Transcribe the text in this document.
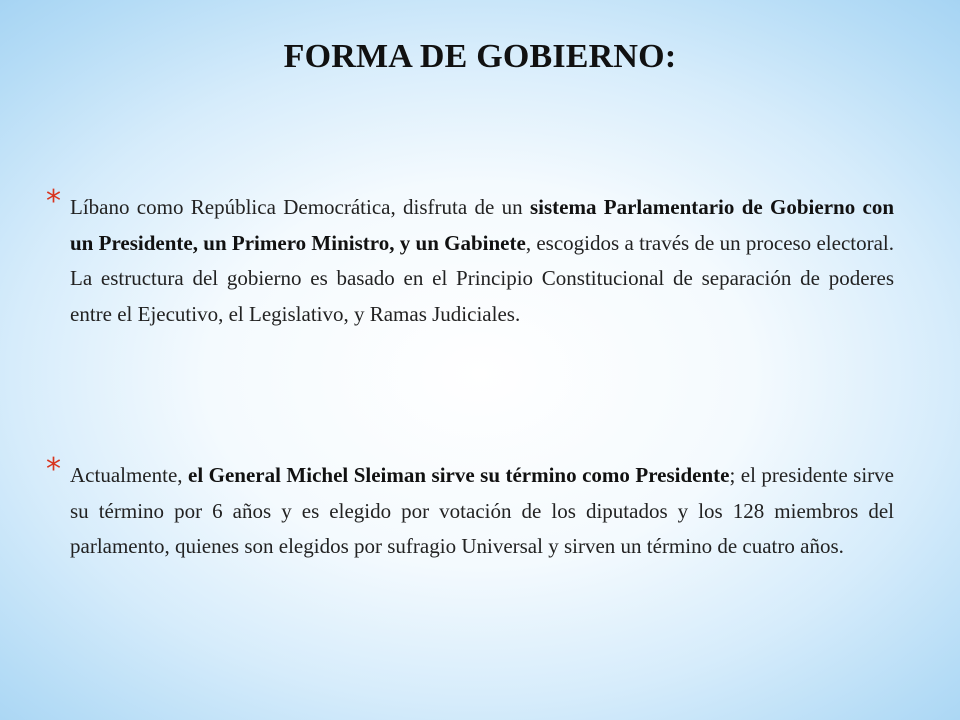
FORMA DE GOBIERNO:
* Líbano como República Democrática, disfruta de un sistema Parlamentario de Gobierno con un Presidente, un Primero Ministro, y un Gabinete, escogidos a través de un proceso electoral. La estructura del gobierno es basado en el Principio Constitucional de separación de poderes entre el Ejecutivo, el Legislativo, y Ramas Judiciales.
* Actualmente, el General Michel Sleiman sirve su término como Presidente; el presidente sirve su término por 6 años y es elegido por votación de los diputados y los 128 miembros del parlamento, quienes son elegidos por sufragio Universal y sirven un término de cuatro años.
